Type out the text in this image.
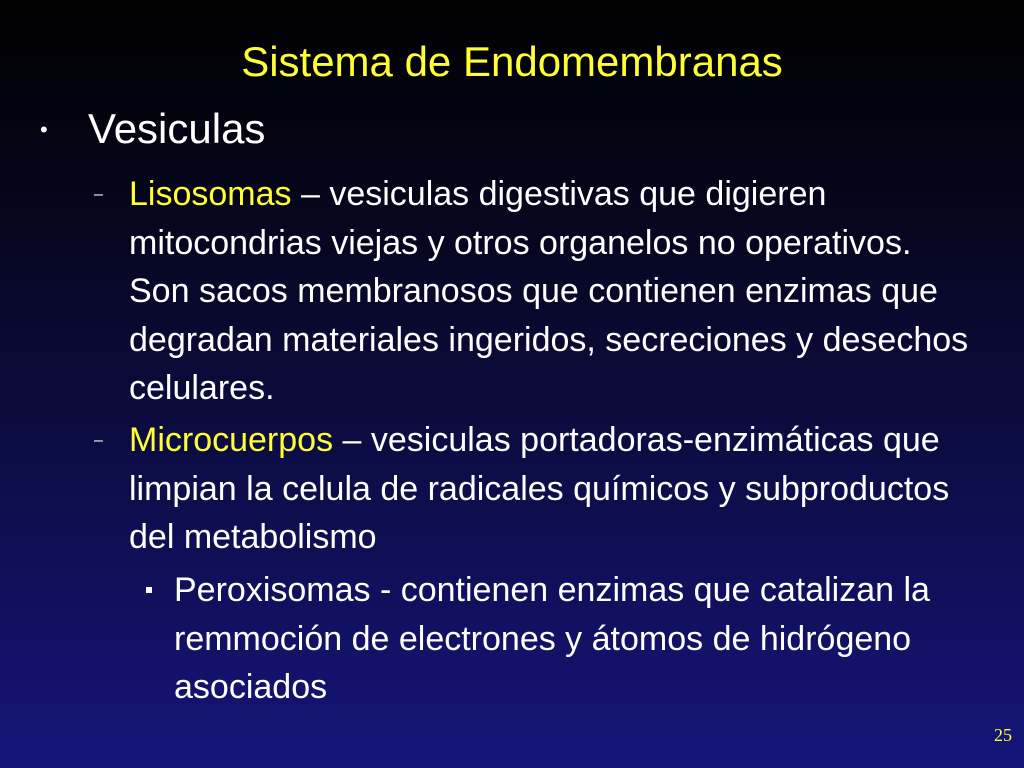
Sistema de Endomembranas
• Vesiculas
– Lisosomas – vesiculas digestivas que digieren mitocondrias viejas y otros organelos no operativos. Son sacos membranosos que contienen enzimas que degradan materiales ingeridos, secreciones y desechos celulares.
– Microcuerpos – vesiculas portadoras-enzimáticas que limpian la celula de radicales químicos y subproductos del metabolismo
Peroxisomas - contienen enzimas que catalizan la remmoción de electrones y átomos de hidrógeno asociados
25
